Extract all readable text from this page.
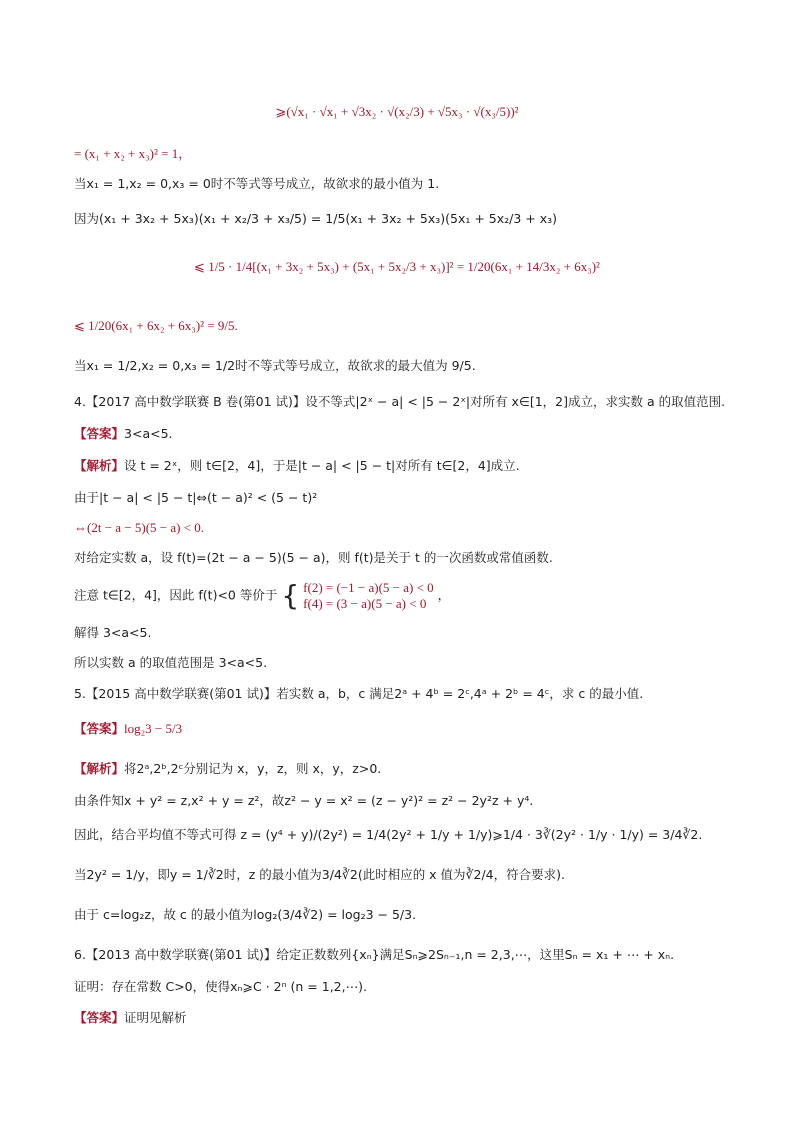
⩾(√x₁ · √x₁ + √3x₂ · √(x₂/3) + √5x₃ · √(x₃/5))²
= (x₁ + x₂ + x₃)² = 1，
当x₁ = 1,x₂ = 0,x₃ = 0时不等式等号成立，故欲求的最小值为 1.
因为(x₁ + 3x₂ + 5x₃)(x₁ + x₂/3 + x₃/5) = 1/5(x₁ + 3x₂ + 5x₃)(5x₁ + 5x₂/3 + x₃)
⩽ 1/5 · 1/4[(x₁ + 3x₂ + 5x₃) + (5x₁ + 5x₂/3 + x₃)]² = 1/20(6x₁ + 14/3x₂ + 6x₃)²
⩽ 1/20(6x₁ + 6x₂ + 6x₃)² = 9/5.
当x₁ = 1/2,x₂ = 0,x₃ = 1/2时不等式等号成立，故欲求的最大值为 9/5.
4.【2017 高中数学联赛 B 卷(第01 试)】设不等式|2ˣ − a| < |5 − 2ˣ|对所有 x∈[1，2]成立，求实数 a 的取值范围.
【答案】3<a<5.
【解析】设 t = 2ˣ，则 t∈[2，4]，于是|t − a| < |5 − t|对所有 t∈[2，4]成立.
由于|t − a| < |5 − t|⇔(t − a)² < (5 − t)²
⇔(2t − a − 5)(5 − a) < 0.
对给定实数 a，设 f(t)=(2t − a − 5)(5 − a)，则 f(t)是关于 t 的一次函数或常值函数.
注意 t∈[2，4]，因此 f(t)<0 等价于 { f(2) = (−1 − a)(5 − a) < 0
f(4) = (3 − a)(5 − a) < 0
，
解得 3<a<5.
所以实数 a 的取值范围是 3<a<5.
5.【2015 高中数学联赛(第01 试)】若实数 a，b，c 满足2ᵃ + 4ᵇ = 2ᶜ,4ᵃ + 2ᵇ = 4ᶜ，求 c 的最小值.
【答案】log₂3 − 5/3
【解析】将2ᵃ,2ᵇ,2ᶜ分别记为 x，y，z，则 x，y，z>0.
由条件知x + y² = z,x² + y = z²，故z² − y = x² = (z − y²)² = z² − 2y²z + y⁴.
因此，结合平均值不等式可得 z = (y⁴ + y)/(2y²) = 1/4(2y² + 1/y + 1/y)⩾1/4 · 3∛(2y² · 1/y · 1/y) = 3/4∛2.
当2y² = 1/y，即y = 1/∛2时，z 的最小值为3/4∛2(此时相应的 x 值为∛2/4，符合要求).
由于 c=log₂z，故 c 的最小值为log₂(3/4∛2) = log₂3 − 5/3.
6.【2013 高中数学联赛(第01 试)】给定正数数列{xₙ}满足Sₙ⩾2Sₙ₋₁,n = 2,3,⋯，这里Sₙ = x₁ + ⋯ + xₙ.
证明：存在常数 C>0，使得xₙ⩾C · 2ⁿ (n = 1,2,⋯).
【答案】证明见解析
